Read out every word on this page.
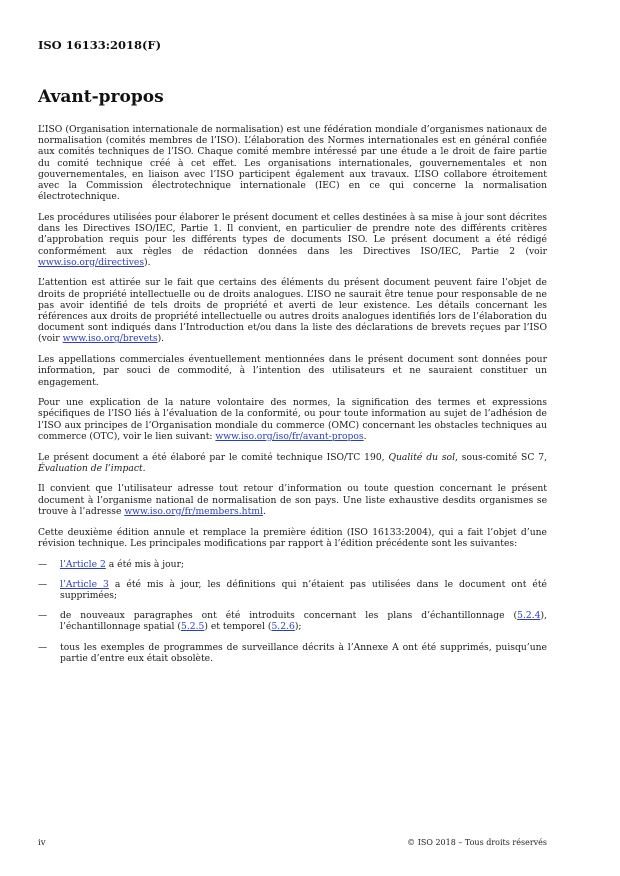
ISO 16133:2018(F)
Avant-propos

L’ISO (Organisation internationale de normalisation) est une fédération mondiale d’organismes nationaux de normalisation (comités membres de l’ISO). L’élaboration des Normes internationales est en général confiée aux comités techniques de l’ISO. Chaque comité membre intéressé par une étude a le droit de faire partie du comité technique créé à cet effet. Les organisations internationales, gouvernementales et non gouvernementales, en liaison avec l’ISO participent également aux travaux. L’ISO collabore étroitement avec la Commission électrotechnique internationale (IEC) en ce qui concerne la normalisation électrotechnique.

Les procédures utilisées pour élaborer le présent document et celles destinées à sa mise à jour sont décrites dans les Directives ISO/IEC, Partie 1. Il convient, en particulier de prendre note des différents critères d’approbation requis pour les différents types de documents ISO. Le présent document a été rédigé conformément aux règles de rédaction données dans les Directives ISO/IEC, Partie 2 (voir www.iso.org/directives).

L’attention est attirée sur le fait que certains des éléments du présent document peuvent faire l’objet de droits de propriété intellectuelle ou de droits analogues. L’ISO ne saurait être tenue pour responsable de ne pas avoir identifié de tels droits de propriété et averti de leur existence. Les détails concernant les références aux droits de propriété intellectuelle ou autres droits analogues identifiés lors de l’élaboration du document sont indiqués dans l’Introduction et/ou dans la liste des déclarations de brevets reçues par l’ISO (voir www.iso.org/brevets).

Les appellations commerciales éventuellement mentionnées dans le présent document sont données pour information, par souci de commodité, à l’intention des utilisateurs et ne sauraient constituer un engagement.

Pour une explication de la nature volontaire des normes, la signification des termes et expressions spécifiques de l’ISO liés à l’évaluation de la conformité, ou pour toute information au sujet de l’adhésion de l’ISO aux principes de l’Organisation mondiale du commerce (OMC) concernant les obstacles techniques au commerce (OTC), voir le lien suivant: www.iso.org/iso/fr/avant-propos.

Le présent document a été élaboré par le comité technique ISO/TC 190, Qualité du sol, sous-comité SC 7, Évaluation de l’impact.

Il convient que l’utilisateur adresse tout retour d’information ou toute question concernant le présent document à l’organisme national de normalisation de son pays. Une liste exhaustive desdits organismes se trouve à l’adresse www.iso.org/fr/members.html.

Cette deuxième édition annule et remplace la première édition (ISO 16133:2004), qui a fait l’objet d’une révision technique. Les principales modifications par rapport à l’édition précédente sont les suivantes:

— l’Article 2 a été mis à jour;
— l’Article 3 a été mis à jour, les définitions qui n’étaient pas utilisées dans le document ont été supprimées;
— de nouveaux paragraphes ont été introduits concernant les plans d’échantillonnage (5.2.4), l’échantillonnage spatial (5.2.5) et temporel (5.2.6);
— tous les exemples de programmes de surveillance décrits à l’Annexe A ont été supprimés, puisqu’une partie d’entre eux était obsolète.
iv	© ISO 2018 – Tous droits réservés
